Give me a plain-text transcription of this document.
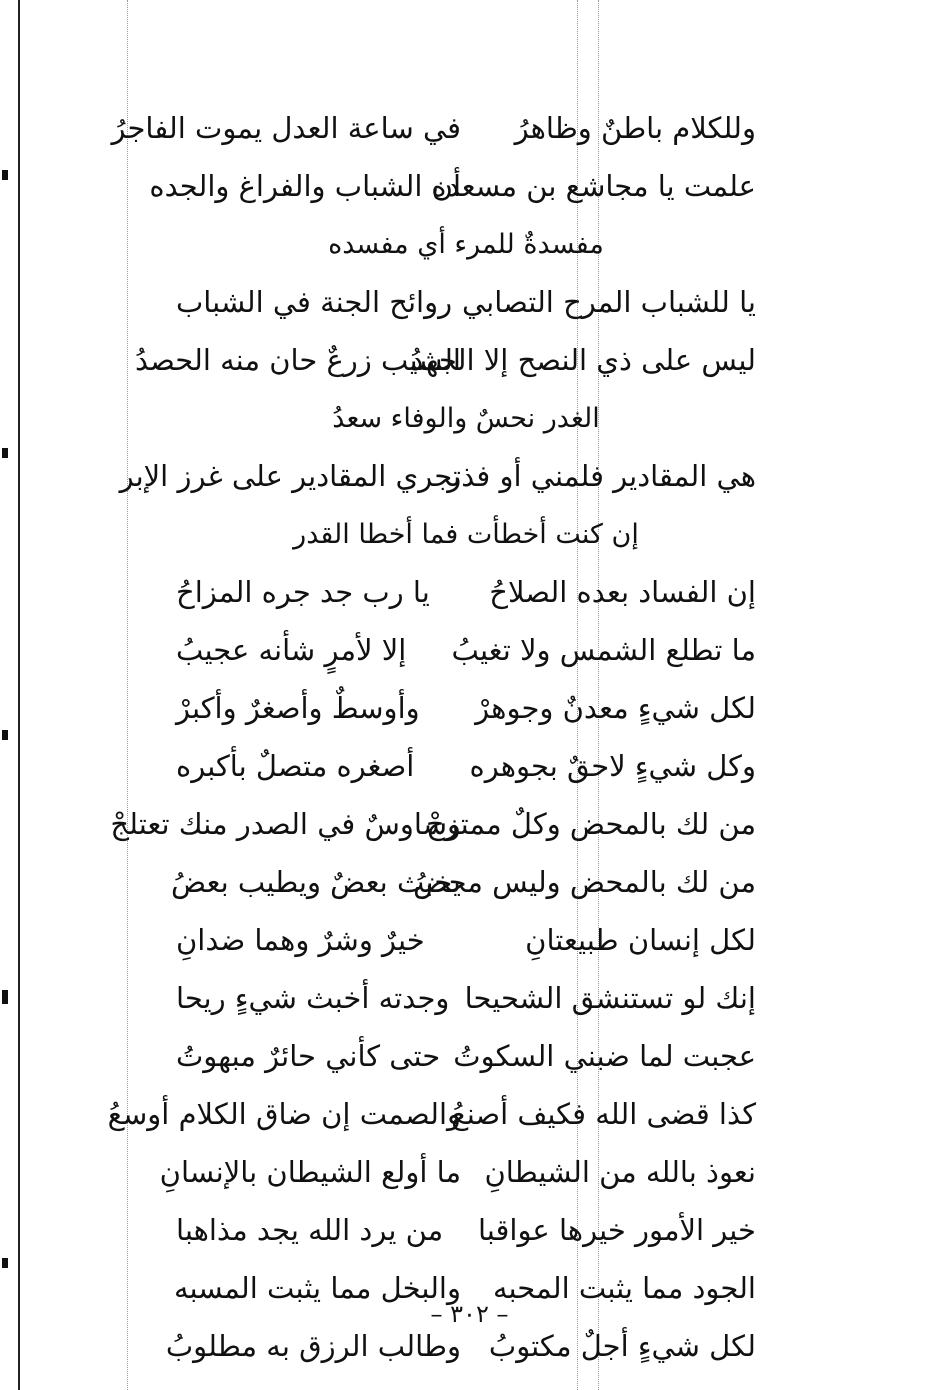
وللكلام باطنٌ وظاهرُ
في ساعة العدل يموت الفاجرُ
علمت يا مجاشع بن مسعده
أن الشباب والفراغ والجده
مفسدةٌ للمرء أي مفسده
يا للشباب المرح التصابي
روائح الجنة في الشباب
ليس على ذي النصح إلا الجهدُ
الشيب زرعٌ حان منه الحصدُ
الغدر نحسٌ والوفاء سعدُ
هي المقادير فلمني أو فذر
تجري المقادير على غرز الإبر
إن كنت أخطأت فما أخطا القدر
إن الفساد بعده الصلاحُ
يا رب جد جره المزاحُ
ما تطلع الشمس ولا تغيبُ
إلا لأمرٍ شأنه عجيبُ
لكل شيءٍ معدنٌ وجوهرْ
وأوسطٌ وأصغرٌ وأكبرْ
وكل شيءٍ لاحقٌ بجوهره
أصغره متصلٌ بأكبره
من لك بالمحض وكلٌ ممتزجْ
وساوسٌ في الصدر منك تعتلجْ
من لك بالمحض وليس محضُ
يخبث بعضٌ ويطيب بعضُ
لكل إنسان طبيعتانِ
خيرٌ وشرٌ وهما ضدانِ
إنك لو تستنشق الشحيحا
وجدته أخبث شيءٍ ريحا
عجبت لما ضبني السكوتُ
حتى كأني حائرٌ مبهوتُ
كذا قضى الله فكيف أصنعُ
والصمت إن ضاق الكلام أوسعُ
نعوذ بالله من الشيطانِ
ما أولع الشيطان بالإنسانِ
خير الأمور خيرها عواقبا
من يرد الله يجد مذاهبا
الجود مما يثبت المحبه
والبخل مما يثبت المسبه
لكل شيءٍ أجلٌ مكتوبُ
وطالب الرزق به مطلوبُ
– ٣٠٢ –
